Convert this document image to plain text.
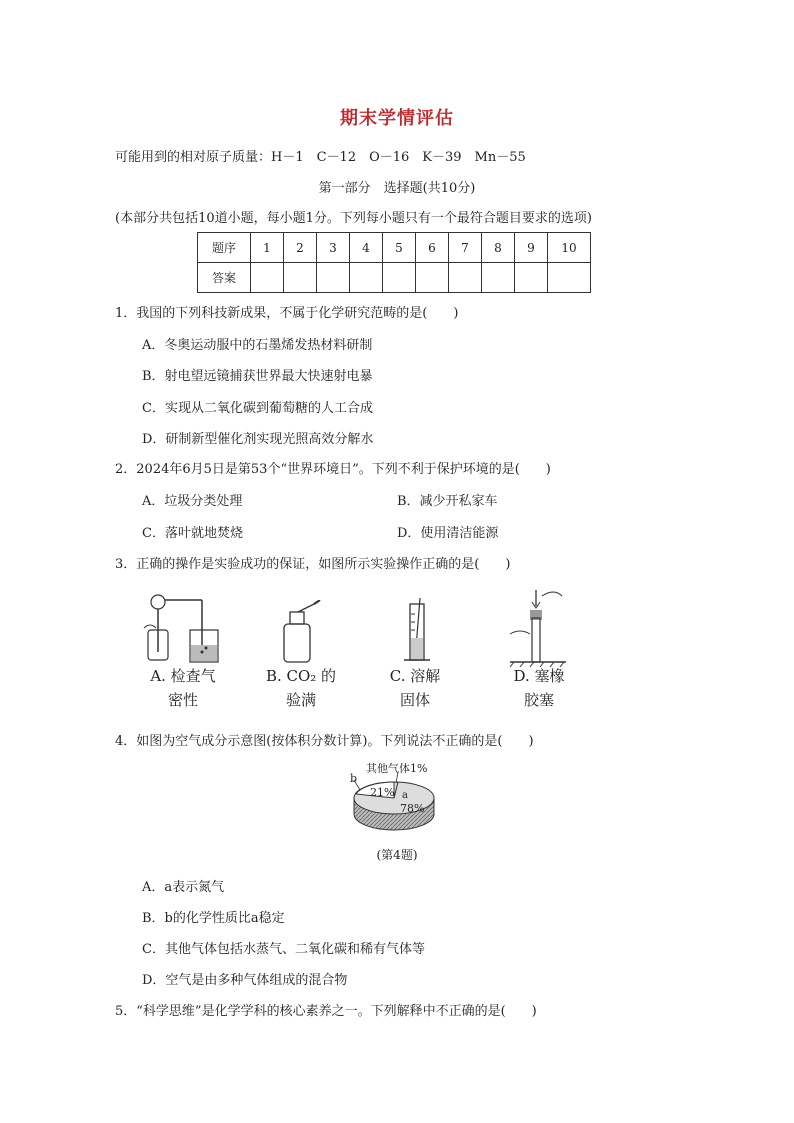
期末学情评估
可能用到的相对原子质量：H－1　C－12　O－16　K－39　Mn－55
第一部分　选择题(共10分)
(本部分共包括10道小题，每小题1分。下列每小题只有一个最符合题目要求的选项)
题序	1	2	3	4	5	6	7	8	9	10
答案										
1．我国的下列科技新成果，不属于化学研究范畴的是(　　)
A．冬奥运动服中的石墨烯发热材料研制
B．射电望远镜捕获世界最大快速射电暴
C．实现从二氧化碳到葡萄糖的人工合成
D．研制新型催化剂实现光照高效分解水
2．2024年6月5日是第53个“世界环境日”。下列不利于保护环境的是(　　)
A．垃圾分类处理	B．减少开私家车
C．落叶就地焚烧	D．使用清洁能源
3．正确的操作是实验成功的保证，如图所示实验操作正确的是(　　)
A. 检查气
密性
B. CO₂ 的
验满
C. 溶解
固体
D. 塞橡
胶塞
4．如图为空气成分示意图(按体积分数计算)。下列说法不正确的是(　　)
其他气体1%
b
21% a
78%
(第4题)
A．a表示氮气
B．b的化学性质比a稳定
C．其他气体包括水蒸气、二氧化碳和稀有气体等
D．空气是由多种气体组成的混合物
5．“科学思维”是化学学科的核心素养之一。下列解释中不正确的是(　　)
